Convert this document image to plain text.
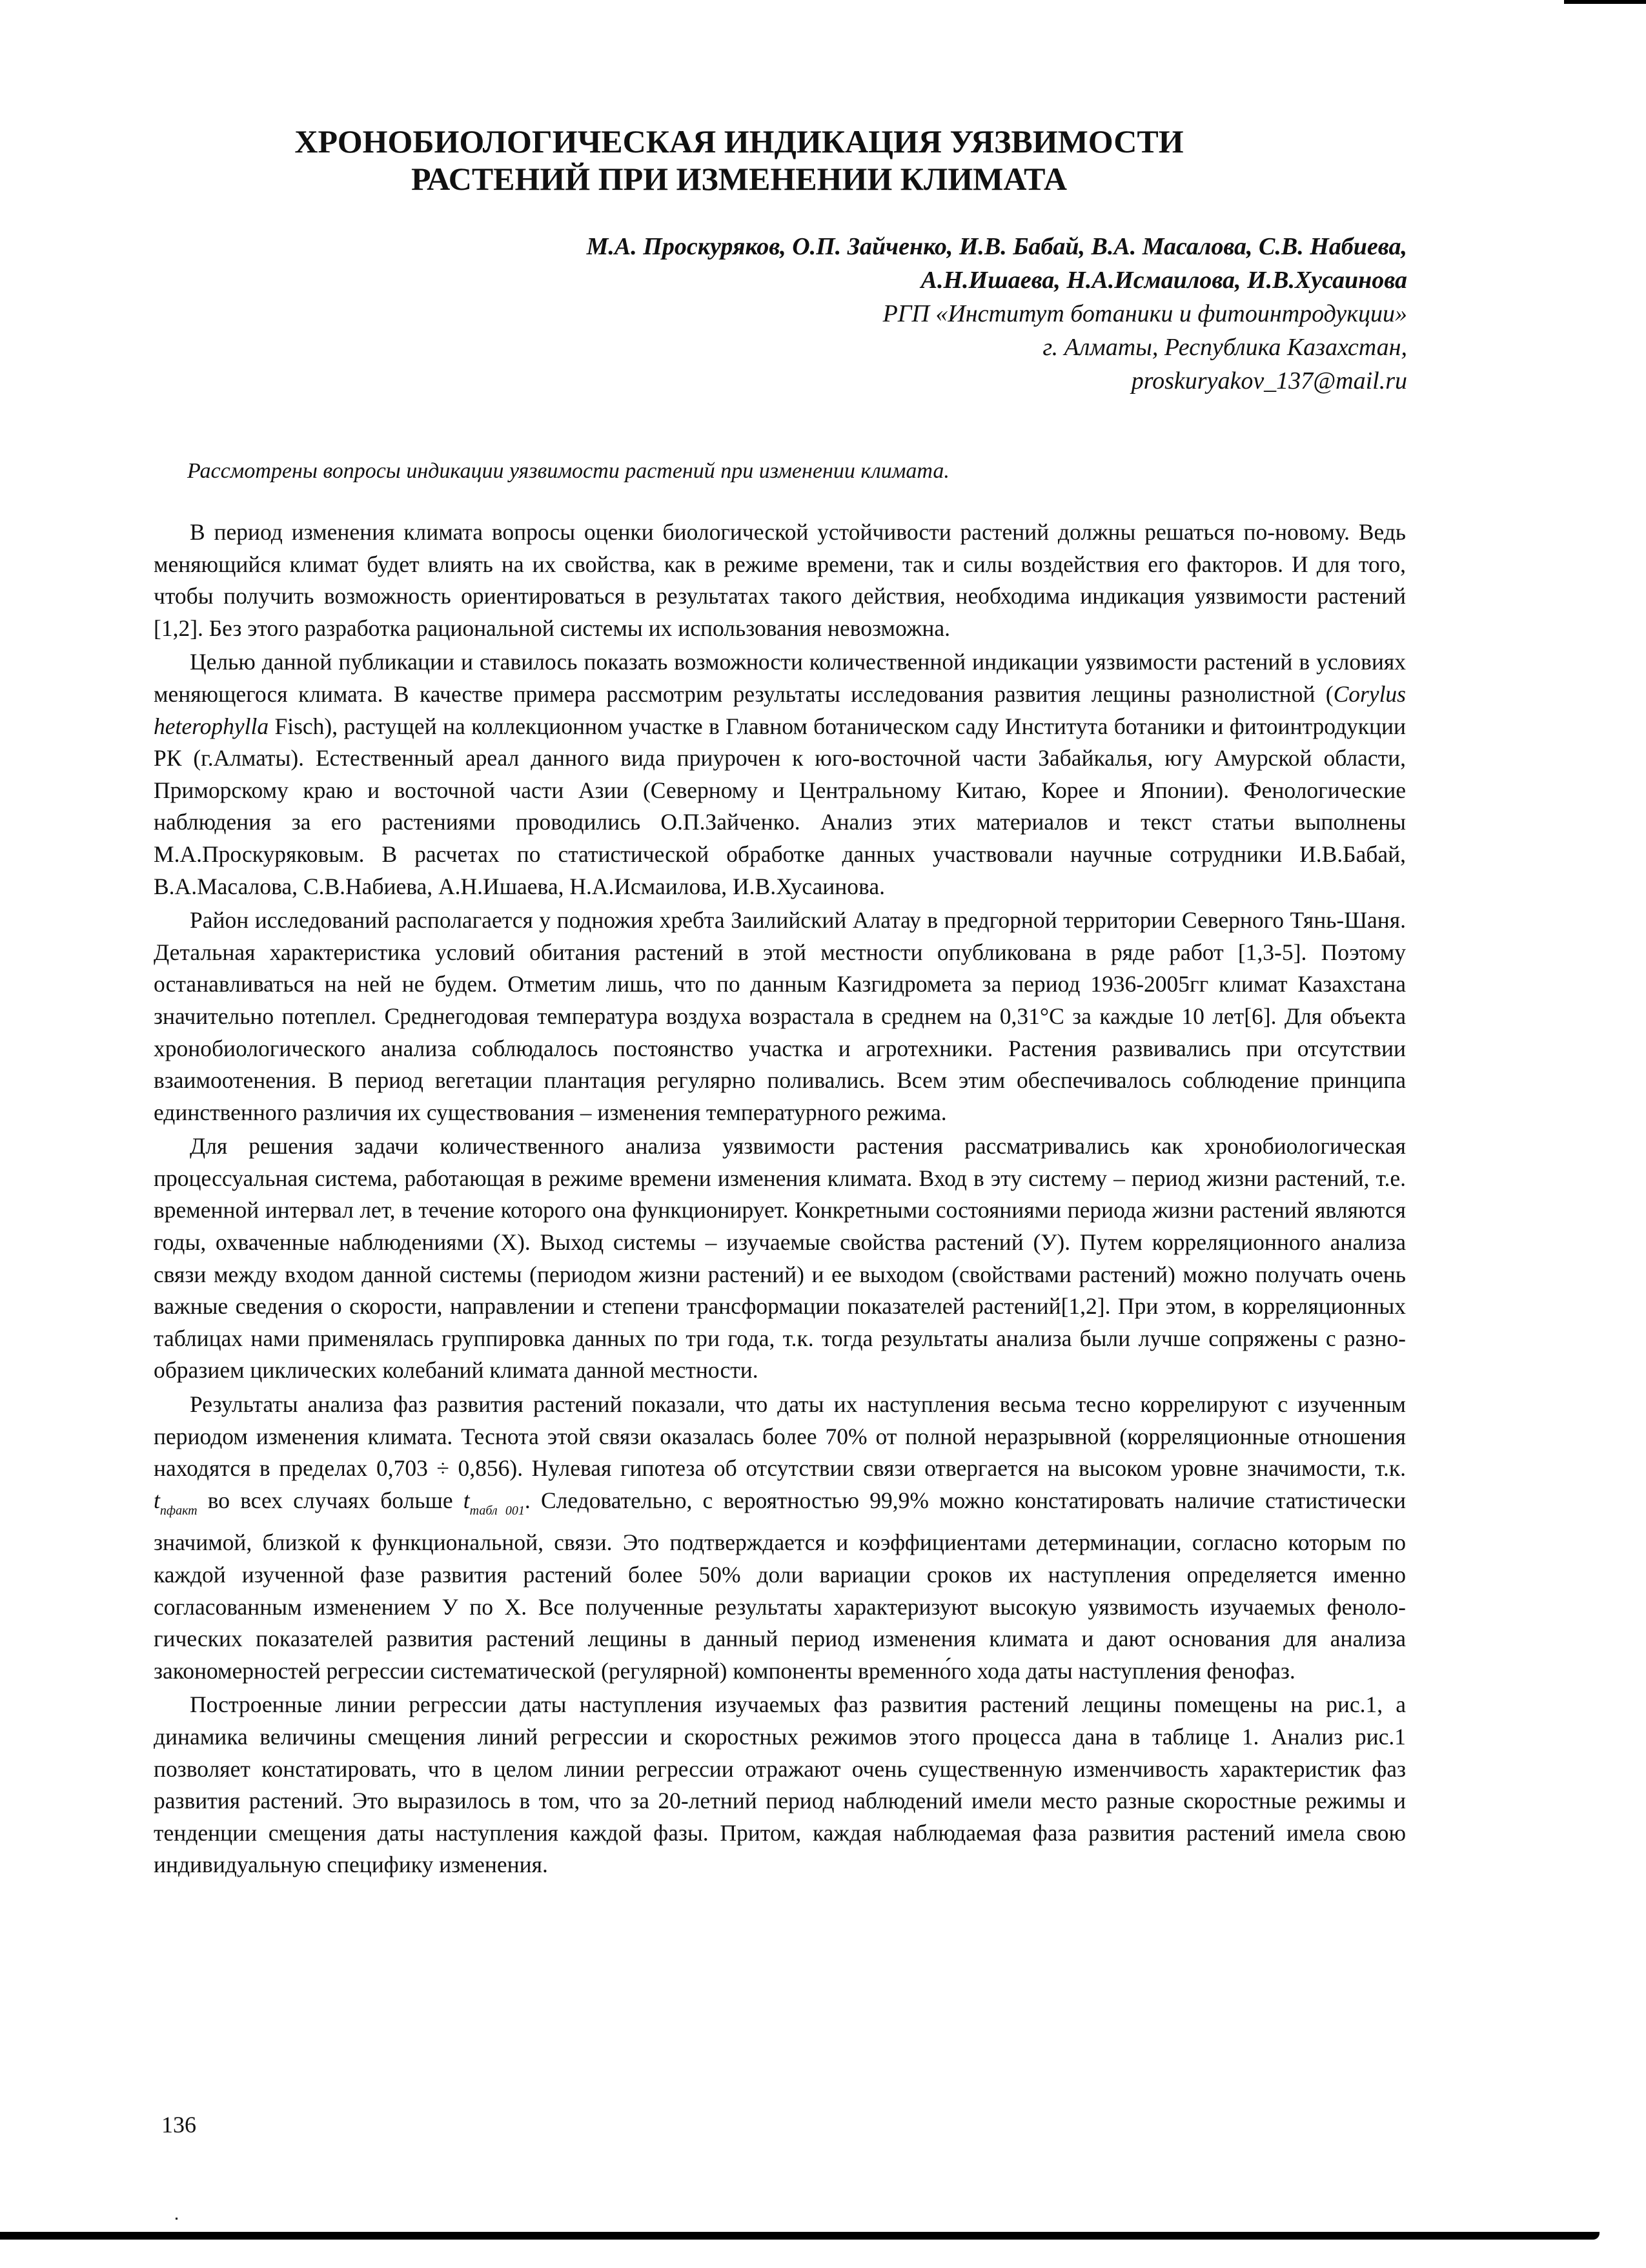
ХРОНОБИОЛОГИЧЕСКАЯ ИНДИКАЦИЯ УЯЗВИМОСТИ
РАСТЕНИЙ ПРИ ИЗМЕНЕНИИ КЛИМАТА
М.А. Проскуряков, О.П. Зайченко, И.В. Бабай, В.А. Масалова, С.В. Набиева,
А.Н.Ишаева, Н.А.Исмаилова, И.В.Хусаинова
РГП «Институт ботаники и фитоинтродукции»
г. Алматы, Республика Казахстан,
proskuryakov_137@mail.ru
Рассмотрены вопросы индикации уязвимости растений при изменении климата.

В период изменения климата вопросы оценки биологической устойчивости растений должны решаться по-новому. Ведь меняющийся климат будет влиять на их свойства, как в режиме времени, так и силы воздействия его факторов. И для того, чтобы получить возможность ориентироваться в результатах такого действия, необходима индикация уязвимости растений [1,2]. Без этого разработка рациональной системы их использования невозможна.

Целью данной публикации и ставилось показать возможности количественной индикации уязвимости растений в условиях меняющегося климата. В качестве примера рассмотрим результаты исследования развития лещины разнолистной (Corylus heterophylla Fisch), растущей на коллекционном участке в Главном ботаническом саду Института ботаники и фитоинтродукции РК (г.Алматы). Естественный ареал данного вида приурочен к юго-восточной части Забайкалья, югу Амурской области, Приморскому краю и восточной части Азии (Северному и Центральному Китаю, Корее и Японии). Фенологические наблюдения за его растениями проводились О.П.Зайченко. Анализ этих материалов и текст статьи выполнены М.А.Проскуряковым. В расчетах по статистической обработке данных участвовали научные сотрудники И.В.Бабай, В.А.Масалова, С.В.Набиева, А.Н.Ишаева, Н.А.Исмаилова, И.В.Хусаинова.

Район исследований располагается у подножия хребта Заилийский Алатау в предгорной территории Северного Тянь-Шаня. Детальная характеристика условий обитания растений в этой местности опубликована в ряде работ [1,3-5]. Поэтому останавливаться на ней не будем. Отметим лишь, что по данным Казгидромета за период 1936-2005гг климат Казахстана значительно потеплел. Среднегодовая температура воздуха возрастала в среднем на 0,31°С за каждые 10 лет[6]. Для объекта хронобиологического анализа соблюдалось постоянство участка и агротехники. Растения развивались при отсутствии взаимоотенения. В период вегетации плантация регулярно поливались. Всем этим обеспечивалось соблюдение принципа единственного различия их существования – изменения температурного режима.

Для решения задачи количественного анализа уязвимости растения рассматривались как хронобиологическая процессуальная система, работающая в режиме времени изменения климата. Вход в эту систему – период жизни растений, т.е. временной интервал лет, в течение которого она функционирует. Конкретными состояниями периода жизни растений являются годы, охваченные наблюдениями (Х). Выход системы – изучаемые свойства растений (У). Путем корреляционного анализа связи между входом данной системы (периодом жизни растений) и ее выходом (свойствами растений) можно получать очень важные сведения о скорости, направлении и степени трансформации показателей растений[1,2]. При этом, в корреляционных таблицах нами применялась группировка данных по три года, т.к. тогда результаты анализа были лучше сопряжены с разнообразием циклических колебаний климата данной местности.

Результаты анализа фаз развития растений показали, что даты их наступления весьма тесно коррелируют с изученным периодом изменения климата. Теснота этой связи оказалась более 70% от полной неразрывной (корреляционные отношения находятся в пределах 0,703 ÷ 0,856). Нулевая гипотеза об отсутствии связи отвергается на высоком уровне значимости, т.к. $t_{пфакт}$ во всех случаях больше $t_{табл 001}$. Следовательно, с вероятностью 99,9% можно констатировать наличие статистически значимой, близкой к функциональной, связи. Это подтверждается и коэффициентами детерминации, согласно которым по каждой изученной фазе развития растений более 50% доли вариации сроков их наступления определяется именно согласованным изменением У по Х. Все полученные результаты характеризуют высокую уязвимость изучаемых фенологических показателей развития растений лещины в данный период изменения климата и дают основания для анализа закономерностей регрессии систематической (регулярной) компоненты временно́го хода даты наступления фенофаз.

Построенные линии регрессии даты наступления изучаемых фаз развития растений лещины помещены на рис.1, а динамика величины смещения линий регрессии и скоростных режимов этого процесса дана в таблице 1. Анализ рис.1 позволяет констатировать, что в целом линии регрессии отражают очень существенную изменчивость характеристик фаз развития растений. Это выразилось в том, что за 20-летний период наблюдений имели место разные скоростные режимы и тенденции смещения даты наступления каждой фазы. Притом, каждая наблюдаемая фаза развития растений имела свою индивидуальную специфику изменения.

136
